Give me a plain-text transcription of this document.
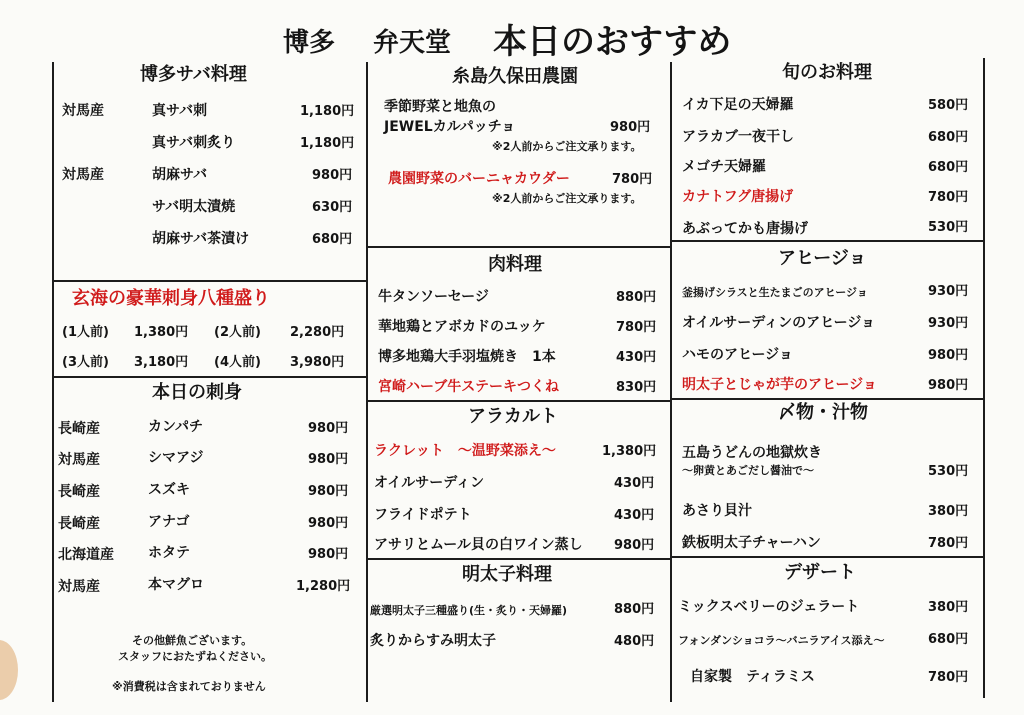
博多 弁天堂 本日のおすすめ
博多サバ料理
対馬産	真サバ刺	1,180円
真サバ刺炙り	1,180円
対馬産	胡麻サバ	980円
サバ明太漬焼	630円
胡麻サバ茶漬け	680円
玄海の豪華刺身八種盛り
(1人前) 1,380円 (2人前) 2,280円
(3人前) 3,180円 (4人前) 3,980円
本日の刺身
長崎産	カンパチ	980円
対馬産	シマアジ	980円
長崎産	スズキ	980円
長崎産	アナゴ	980円
北海道産 ホタテ	980円
対馬産	本マグロ	1,280円
その他鮮魚ございます。
スタッフにおたずねください。
※消費税は含まれておりません
糸島久保田農園
季節野菜と地魚の
JEWELカルパッチョ	980円
※2人前からご注文承ります。
農園野菜のバーニャカウダー	780円
※2人前からご注文承ります。
肉料理
牛タンソーセージ	880円
華地鶏とアボカドのユッケ	780円
博多地鶏大手羽塩焼き　1本	430円
宮崎ハーブ牛ステーキつくね	830円
アラカルト
ラクレット　～温野菜添え～	1,380円
オイルサーディン	430円
フライドポテト	430円
アサリとムール貝の白ワイン蒸し 980円
明太子料理
厳選明太子三種盛り(生・炙り・天婦羅)	880円
炙りからすみ明太子	480円
旬のお料理
イカ下足の天婦羅	580円
アラカブ一夜干し	680円
メゴチ天婦羅	680円
カナトフグ唐揚げ	780円
あぶってかも唐揚げ	530円
アヒージョ
釜揚げシラスと生たまごのアヒージョ	930円
オイルサーディンのアヒージョ	930円
ハモのアヒージョ	980円
明太子とじゃが芋のアヒージョ	980円
〆物・汁物
五島うどんの地獄炊き
～卵黄とあごだし醤油で～	530円
あさり貝汁	380円
鉄板明太子チャーハン	780円
デザート
ミックスベリーのジェラート	380円
フォンダンショコラ～バニラアイス添え～	680円
自家製　ティラミス	780円
